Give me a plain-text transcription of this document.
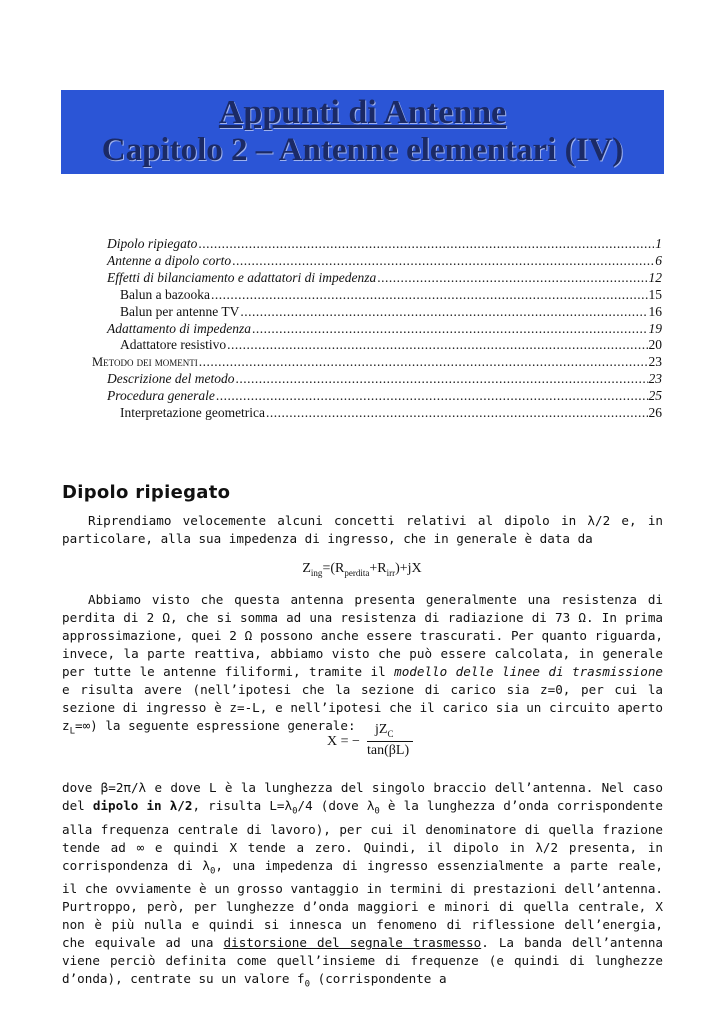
Appunti di Antenne
Capitolo 2 – Antenne elementari (IV)
Dipolo ripiegato .....	1
Antenne a dipolo corto .....	6
Effetti di bilanciamento e adattatori di impedenza .....	12
Balun a bazooka .....	15
Balun per antenne TV .....	16
Adattamento di impedenza .....	19
Adattatore resistivo .....	20
Metodo dei momenti .....	23
Descrizione del metodo .....	23
Procedura generale .....	25
Interpretazione geometrica .....	26
Dipolo ripiegato

Riprendiamo velocemente alcuni concetti relativi al dipolo in λ/2 e, in particolare, alla sua impedenza di ingresso, che in generale è data da

$Z_{ing}=(R_{perdita}+R_{irr})+jX$

Abbiamo visto che questa antenna presenta generalmente una resistenza di perdita di 2 Ω, che si somma ad una resistenza di radiazione di 73 Ω. In prima approssimazione, quei 2 Ω possono anche essere trascurati. Per quanto riguarda, invece, la parte reattiva, abbiamo visto che può essere calcolata, in generale per tutte le antenne filiformi, tramite il modello delle linee di trasmissione e risulta avere (nell’ipotesi che la sezione di carico sia z=0, per cui la sezione di ingresso è z=-L, e nell’ipotesi che il carico sia un circuito aperto $z_L=\infty$) la seguente espressione generale:

X = −
$jZ_C$
tan(βL)

dove β=2π/λ e dove L è la lunghezza del singolo braccio dell’antenna. Nel caso del dipolo in λ/2, risulta $L=\lambda_0/4$ (dove $\lambda_0$ è la lunghezza d’onda corrispondente alla frequenza centrale di lavoro), per cui il denominatore di quella frazione tende ad ∞ e quindi X tende a zero. Quindi, il dipolo in λ/2 presenta, in corrispondenza di $\lambda_0$, una impedenza di ingresso essenzialmente a parte reale, il che ovviamente è un grosso vantaggio in termini di prestazioni dell’antenna. Purtroppo, però, per lunghezze d’onda maggiori e minori di quella centrale, X non è più nulla e quindi si innesca un fenomeno di riflessione dell’energia, che equivale ad una distorsione del segnale trasmesso. La banda dell’antenna viene perciò definita come quell’insieme di frequenze (e quindi di lunghezze d’onda), centrate su un valore $f_0$ (corrispondente a
